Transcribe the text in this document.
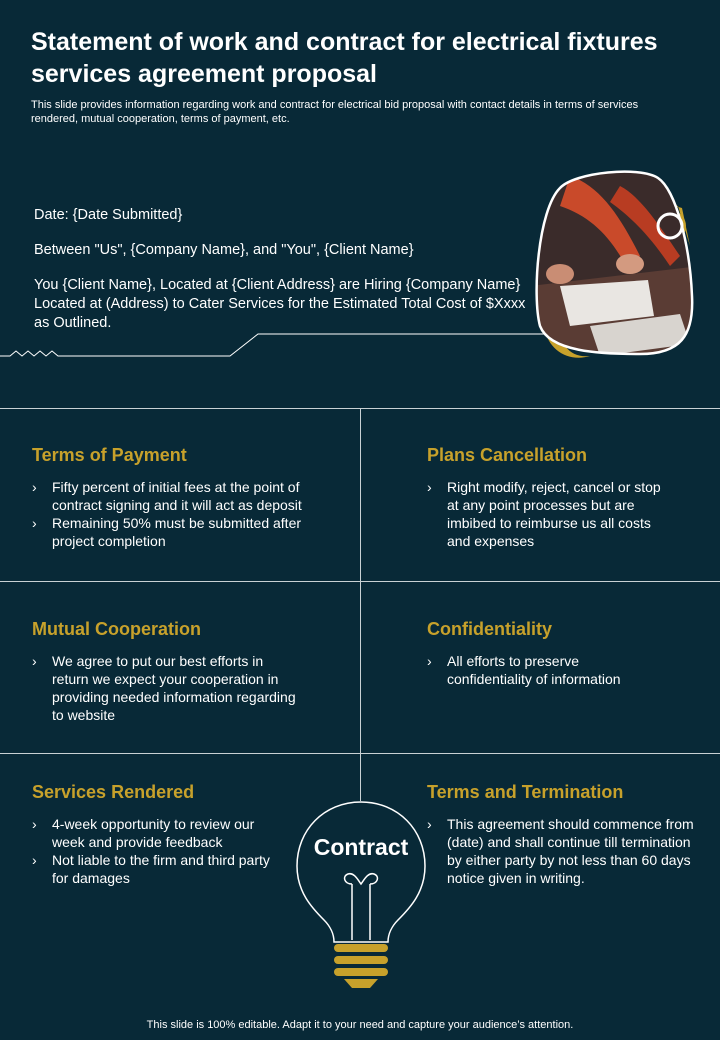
Statement of work and contract for electrical fixtures services agreement proposal

This slide provides information regarding work and contract for electrical bid proposal with contact details in terms of services rendered, mutual cooperation, terms of payment, etc.

Date: {Date Submitted}

Between "Us", {Company Name}, and "You", {Client Name}

You {Client Name}, Located at {Client Address} are Hiring {Company Name} Located at (Address) to Cater Services for the Estimated Total Cost of $Xxxx as Outlined.

Terms of Payment
› Fifty percent of initial fees at the point of contract signing and it will act as deposit
› Remaining 50% must be submitted after project completion
Plans Cancellation
› Right modify, reject, cancel or stop at any point processes but are imbibed to reimburse us all costs and expenses
Mutual Cooperation
› We agree to put our best efforts in return we expect your cooperation in providing needed information regarding to website
Confidentiality
› All efforts to preserve confidentiality of information
Services Rendered
› 4-week opportunity to review our week and provide feedback
› Not liable to the firm and third party for damages
Terms and Termination
› This agreement should commence from (date) and shall continue till termination by either party by not less than 60 days notice given in writing.
Contract
This slide is 100% editable. Adapt it to your need and capture your audience’s attention.
